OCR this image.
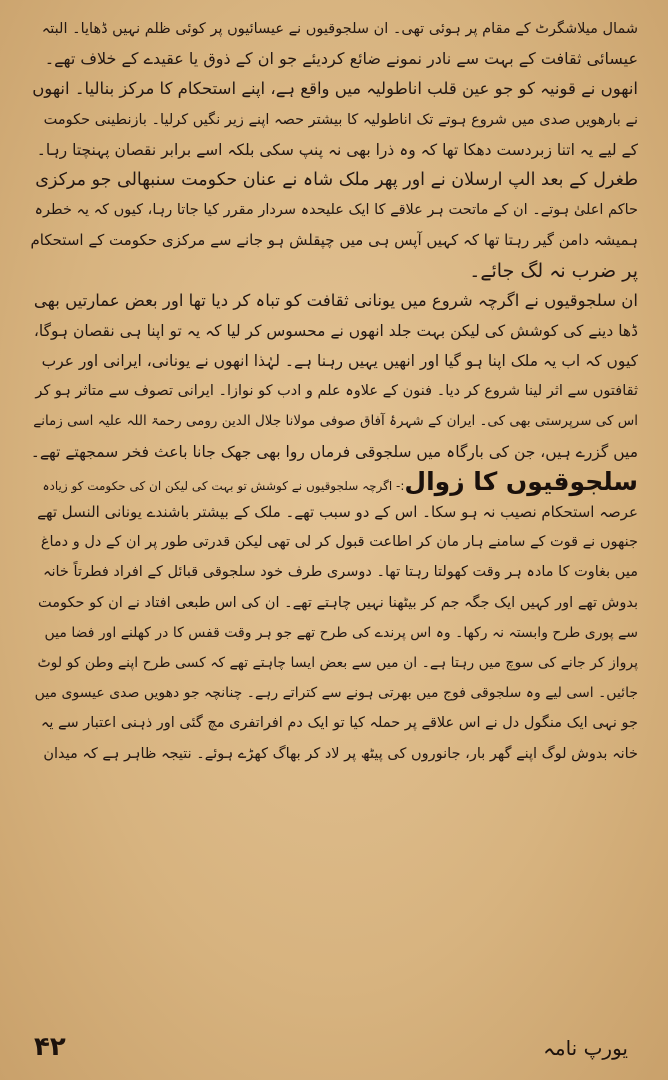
شمال میلاشگرٹ کے مقام پر ہوئی تھی۔ ان سلجوقیوں نے عیسائیوں پر کوئی ظلم نہیں ڈھایا۔ البتہ
عیسائی ثقافت کے بہت سے نادر نمونے ضائع کردیئے جو ان کے ذوق یا عقیدے کے خلاف تھے۔
انھوں نے قونیہ کو جو عین قلب اناطولیہ میں واقع ہے، اپنے استحکام کا مرکز بنالیا۔ انھوں
نے بارھویں صدی میں شروع ہوتے تک اناطولیہ کا بیشتر حصہ اپنے زیر نگیں کرلیا۔ بازنطینی حکومت
کے لیے یہ اتنا زبردست دھکا تھا کہ وہ ذرا بھی نہ پنپ سکی بلکہ اسے برابر نقصان پہنچتا رہا۔
طغرل کے بعد الپ ارسلان نے اور پھر ملک شاہ نے عنان حکومت سنبھالی جو مرکزی
حاکم اعلیٰ ہوتے۔ ان کے ماتحت ہر علاقے کا ایک علیحدہ سردار مقرر کیا جاتا رہا، کیوں کہ یہ خطرہ
ہمیشہ دامن گیر رہتا تھا کہ کہیں آپس ہی میں چپقلش ہو جانے سے مرکزی حکومت کے استحکام
پر ضرب نہ لگ جائے۔
ان سلجوقیوں نے اگرچہ شروع میں یونانی ثقافت کو تباہ کر دیا تھا اور بعض عمارتیں بھی
ڈھا دینے کی کوشش کی لیکن بہت جلد انھوں نے محسوس کر لیا کہ یہ تو اپنا ہی نقصان ہوگا،
کیوں کہ اب یہ ملک اپنا ہو گیا اور انھیں یہیں رہنا ہے۔ لہٰذا انھوں نے یونانی، ایرانی اور عرب
ثقافتوں سے اثر لینا شروع کر دیا۔ فنون کے علاوہ علم و ادب کو نوازا۔ ایرانی تصوف سے متاثر ہو کر
اس کی سرپرستی بھی کی۔ ایران کے شہرۂ آفاق صوفی مولانا جلال الدین رومی رحمۃ اللہ علیہ اسی زمانے
میں گزرے ہیں، جن کی بارگاہ میں سلجوقی فرماں روا بھی جھک جانا باعث فخر سمجھتے تھے۔
سلجوقیوں کا زوال:- اگرچہ سلجوقیوں نے کوشش تو بہت کی لیکن ان کی حکومت کو زیادہ
عرصہ استحکام نصیب نہ ہو سکا۔ اس کے دو سبب تھے۔ ملک کے بیشتر باشندے یونانی النسل تھے
جنھوں نے قوت کے سامنے ہار مان کر اطاعت قبول کر لی تھی لیکن قدرتی طور پر ان کے دل و دماغ
میں بغاوت کا مادہ ہر وقت کھولتا رہتا تھا۔ دوسری طرف خود سلجوقی قبائل کے افراد فطرتاً خانہ
بدوش تھے اور کہیں ایک جگہ جم کر بیٹھنا نہیں چاہتے تھے۔ ان کی اس طبعی افتاد نے ان کو حکومت
سے پوری طرح وابستہ نہ رکھا۔ وہ اس پرندے کی طرح تھے جو ہر وقت قفس کا در کھلنے اور فضا میں
پرواز کر جانے کی سوچ میں رہتا ہے۔ ان میں سے بعض ایسا چاہتے تھے کہ کسی طرح اپنے وطن کو لوٹ
جائیں۔ اسی لیے وہ سلجوقی فوج میں بھرتی ہونے سے کتراتے رہے۔ چنانچہ جو دھویں صدی عیسوی میں
جو نہی ایک منگول دل نے اس علاقے پر حملہ کیا تو ایک دم افراتفری مچ گئی اور ذہنی اعتبار سے یہ
خانہ بدوش لوگ اپنے گھر بار، جانوروں کی پیٹھ پر لاد کر بھاگ کھڑے ہوئے۔ نتیجہ ظاہر ہے کہ میدان
۴۲	یورپ نامہ
